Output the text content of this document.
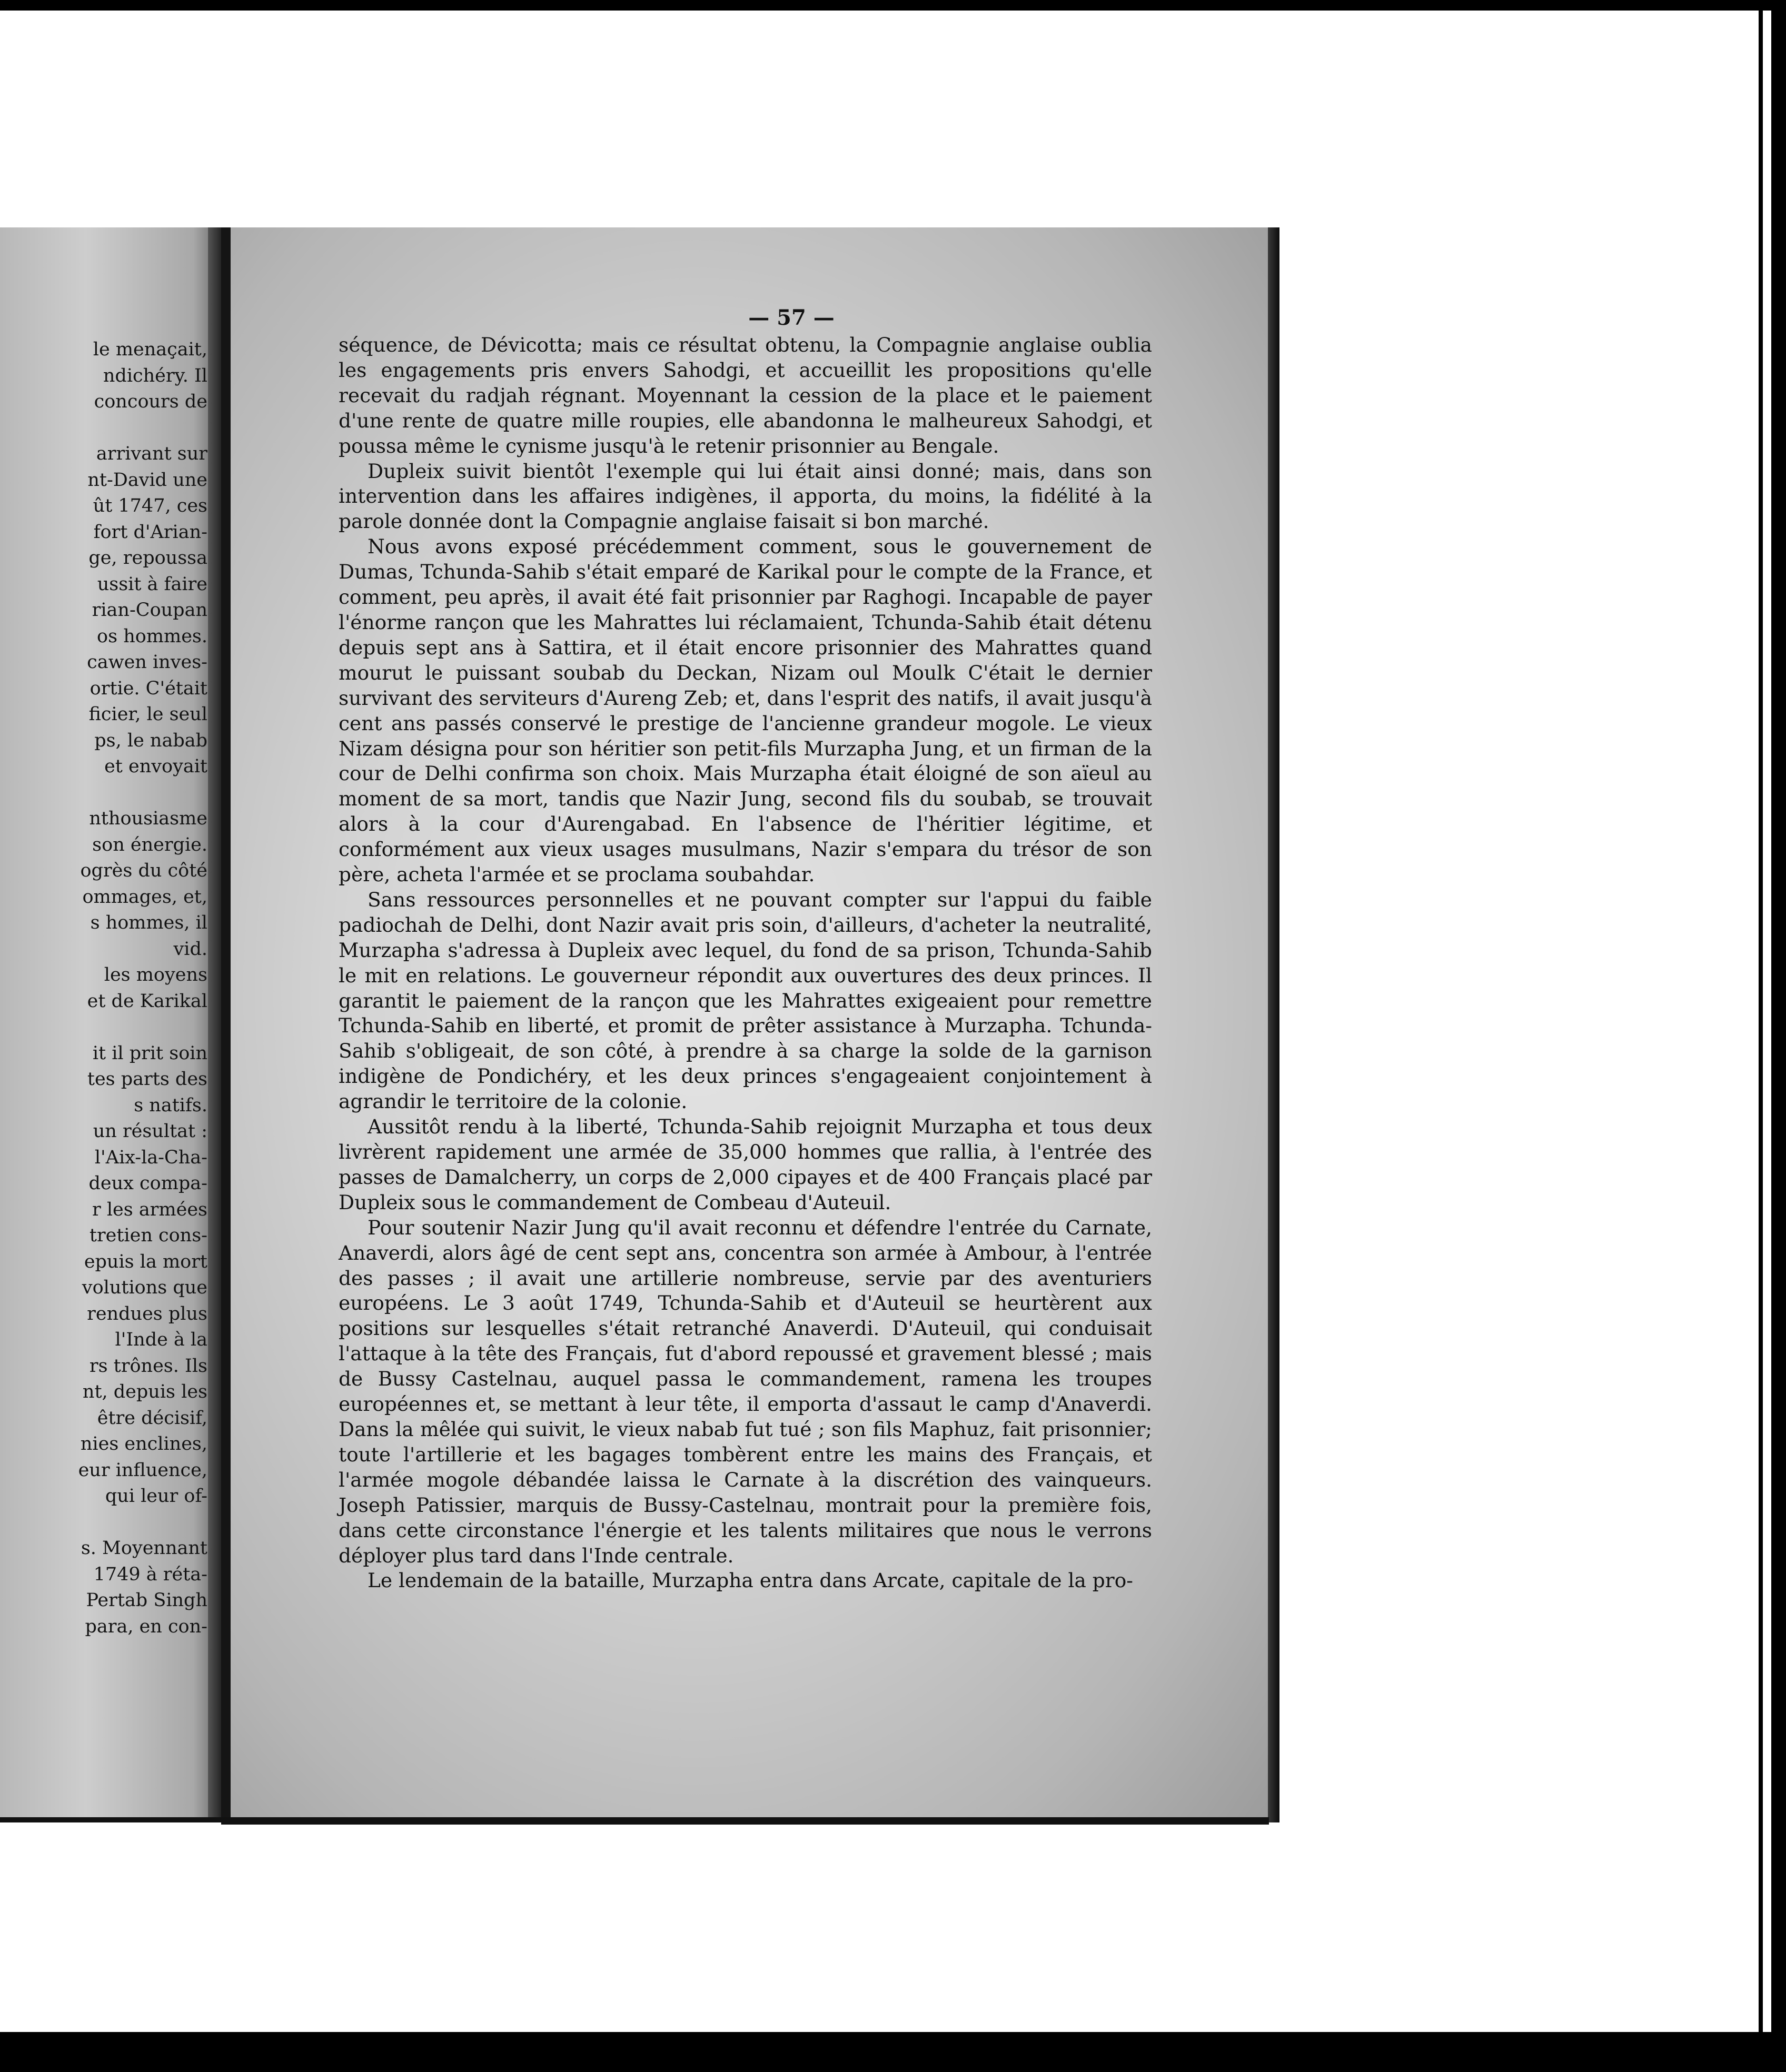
le menaçait,
ndichéry. Il
concours de
arrivant sur
nt-David une
ût 1747, ces
fort d'Arian-
ge, repoussa
ussit à faire
rian-Coupan
os hommes.
cawen inves-
ortie. C'était
ficier, le seul
ps, le nabab
et envoyait
nthousiasme
son énergie.
ogrès du côté
ommages, et,
s hommes, il
vid.
les moyens
et de Karikal
it il prit soin
tes parts des
s natifs.
un résultat :
l'Aix-la-Cha-
deux compa-
r les armées
tretien cons-
epuis la mort
volutions que
rendues plus
l'Inde à la
rs trônes. Ils
nt, depuis les
être décisif,
nies enclines,
eur influence,
qui leur of-
s. Moyennant
1749 à réta-
Pertab Singh
para, en con-
— 57 —

séquence, de Dévicotta; mais ce résultat obtenu, la Compagnie anglaise oublia les engagements pris envers Sahodgi, et accueillit les propositions qu'elle recevait du radjah régnant. Moyennant la cession de la place et le paiement d'une rente de quatre mille roupies, elle abandonna le malheureux Sahodgi, et poussa même le cynisme jusqu'à le retenir prisonnier au Bengale.

Dupleix suivit bientôt l'exemple qui lui était ainsi donné; mais, dans son intervention dans les affaires indigènes, il apporta, du moins, la fidélité à la parole donnée dont la Compagnie anglaise faisait si bon marché.

Nous avons exposé précédemment comment, sous le gouvernement de Dumas, Tchunda-Sahib s'était emparé de Karikal pour le compte de la France, et comment, peu après, il avait été fait prisonnier par Raghogi. Incapable de payer l'énorme rançon que les Mahrattes lui réclamaient, Tchunda-Sahib était détenu depuis sept ans à Sattira, et il était encore prisonnier des Mahrattes quand mourut le puissant soubab du Deckan, Nizam oul Moulk C'était le dernier survivant des serviteurs d'Aureng Zeb; et, dans l'esprit des natifs, il avait jusqu'à cent ans passés conservé le prestige de l'ancienne grandeur mogole. Le vieux Nizam désigna pour son héritier son petit-fils Murzapha Jung, et un firman de la cour de Delhi confirma son choix. Mais Murzapha était éloigné de son aïeul au moment de sa mort, tandis que Nazir Jung, second fils du soubab, se trouvait alors à la cour d'Aurengabad. En l'absence de l'héritier légitime, et conformément aux vieux usages musulmans, Nazir s'empara du trésor de son père, acheta l'armée et se proclama soubahdar.

Sans ressources personnelles et ne pouvant compter sur l'appui du faible padiochah de Delhi, dont Nazir avait pris soin, d'ailleurs, d'acheter la neutralité, Murzapha s'adressa à Dupleix avec lequel, du fond de sa prison, Tchunda-Sahib le mit en relations. Le gouverneur répondit aux ouvertures des deux princes. Il garantit le paiement de la rançon que les Mahrattes exigeaient pour remettre Tchunda-Sahib en liberté, et promit de prêter assistance à Murzapha. Tchunda-Sahib s'obligeait, de son côté, à prendre à sa charge la solde de la garnison indigène de Pondichéry, et les deux princes s'engageaient conjointement à agrandir le territoire de la colonie.

Aussitôt rendu à la liberté, Tchunda-Sahib rejoignit Murzapha et tous deux livrèrent rapidement une armée de 35,000 hommes que rallia, à l'entrée des passes de Damalcherry, un corps de 2,000 cipayes et de 400 Français placé par Dupleix sous le commandement de Combeau d'Auteuil.

Pour soutenir Nazir Jung qu'il avait reconnu et défendre l'entrée du Carnate, Anaverdi, alors âgé de cent sept ans, concentra son armée à Ambour, à l'entrée des passes ; il avait une artillerie nombreuse, servie par des aventuriers européens. Le 3 août 1749, Tchunda-Sahib et d'Auteuil se heurtèrent aux positions sur lesquelles s'était retranché Anaverdi. D'Auteuil, qui conduisait l'attaque à la tête des Français, fut d'abord repoussé et gravement blessé ; mais de Bussy Castelnau, auquel passa le commandement, ramena les troupes européennes et, se mettant à leur tête, il emporta d'assaut le camp d'Anaverdi. Dans la mêlée qui suivit, le vieux nabab fut tué ; son fils Maphuz, fait prisonnier; toute l'artillerie et les bagages tombèrent entre les mains des Français, et l'armée mogole débandée laissa le Carnate à la discrétion des vainqueurs. Joseph Patissier, marquis de Bussy-Castelnau, montrait pour la première fois, dans cette circonstance l'énergie et les talents militaires que nous le verrons déployer plus tard dans l'Inde centrale.

Le lendemain de la bataille, Murzapha entra dans Arcate, capitale de la pro-
